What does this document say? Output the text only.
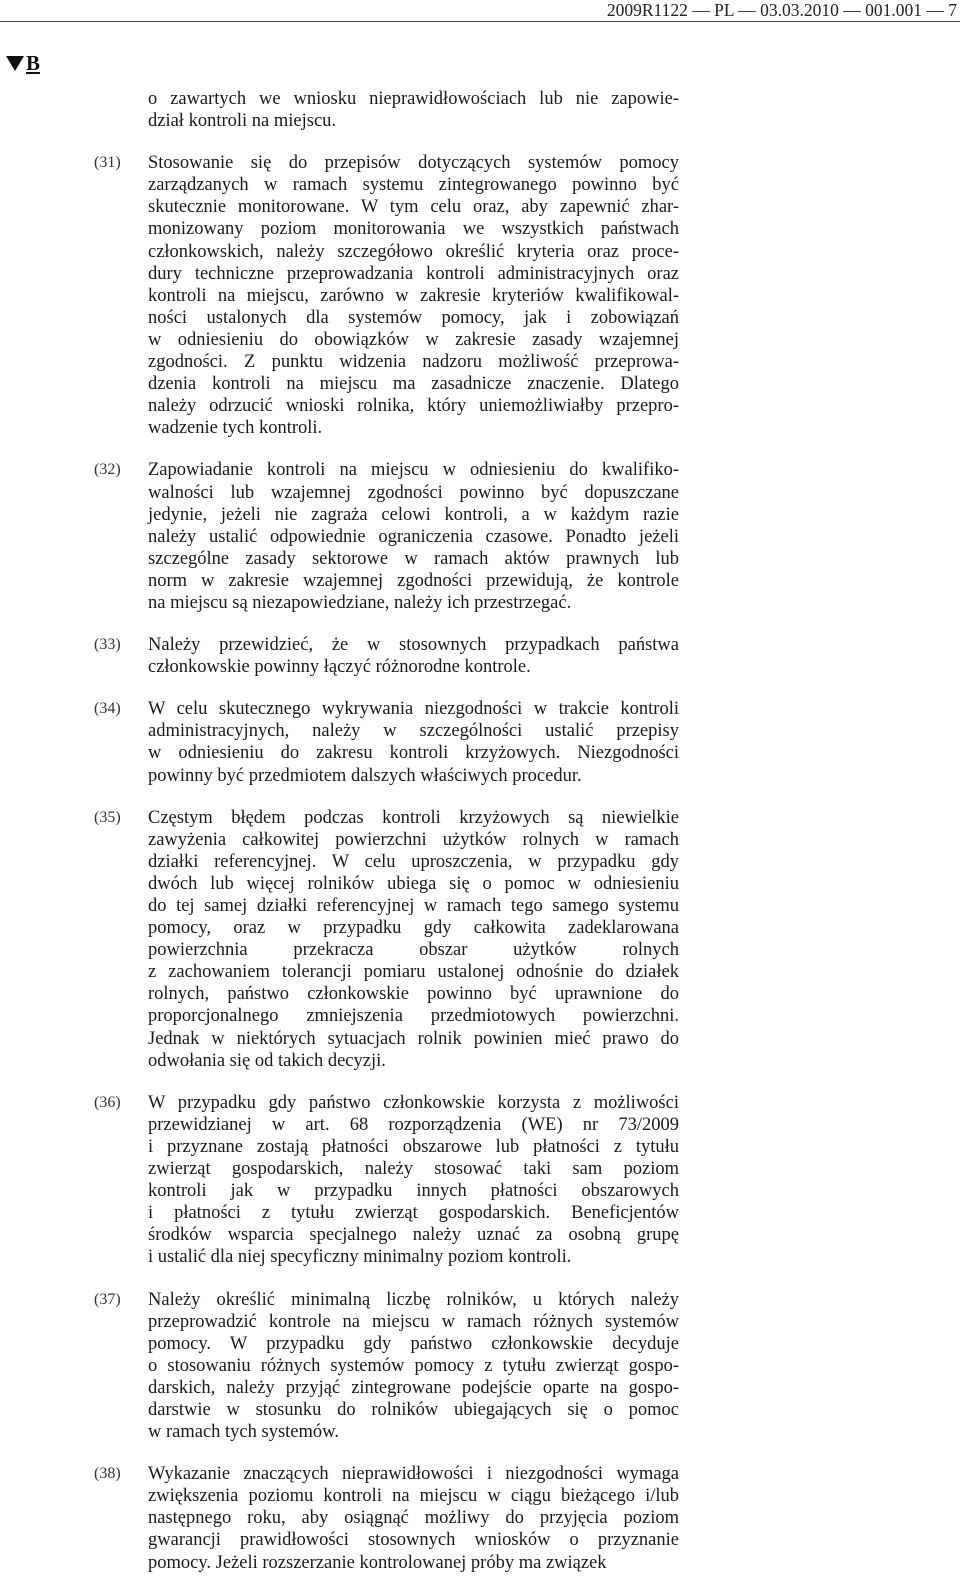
2009R1122 — PL — 03.03.2010 — 001.001 — 7
B
o zawartych we wniosku nieprawidłowościach lub nie zapowie-
dział kontroli na miejscu.
(31) Stosowanie się do przepisów dotyczących systemów pomocy
zarządzanych w ramach systemu zintegrowanego powinno być
skutecznie monitorowane. W tym celu oraz, aby zapewnić zhar-
monizowany poziom monitorowania we wszystkich państwach
członkowskich, należy szczegółowo określić kryteria oraz proce-
dury techniczne przeprowadzania kontroli administracyjnych oraz
kontroli na miejscu, zarówno w zakresie kryteriów kwalifikowal-
ności ustalonych dla systemów pomocy, jak i zobowiązań
w odniesieniu do obowiązków w zakresie zasady wzajemnej
zgodności. Z punktu widzenia nadzoru możliwość przeprowa-
dzenia kontroli na miejscu ma zasadnicze znaczenie. Dlatego
należy odrzucić wnioski rolnika, który uniemożliwiałby przepro-
wadzenie tych kontroli.
(32) Zapowiadanie kontroli na miejscu w odniesieniu do kwalifiko-
walności lub wzajemnej zgodności powinno być dopuszczane
jedynie, jeżeli nie zagraża celowi kontroli, a w każdym razie
należy ustalić odpowiednie ograniczenia czasowe. Ponadto jeżeli
szczególne zasady sektorowe w ramach aktów prawnych lub
norm w zakresie wzajemnej zgodności przewidują, że kontrole
na miejscu są niezapowiedziane, należy ich przestrzegać.
(33) Należy przewidzieć, że w stosownych przypadkach państwa
członkowskie powinny łączyć różnorodne kontrole.
(34) W celu skutecznego wykrywania niezgodności w trakcie kontroli
administracyjnych, należy w szczególności ustalić przepisy
w odniesieniu do zakresu kontroli krzyżowych. Niezgodności
powinny być przedmiotem dalszych właściwych procedur.
(35) Częstym błędem podczas kontroli krzyżowych są niewielkie
zawyżenia całkowitej powierzchni użytków rolnych w ramach
działki referencyjnej. W celu uproszczenia, w przypadku gdy
dwóch lub więcej rolników ubiega się o pomoc w odniesieniu
do tej samej działki referencyjnej w ramach tego samego systemu
pomocy, oraz w przypadku gdy całkowita zadeklarowana
powierzchnia przekracza obszar użytków rolnych
z zachowaniem tolerancji pomiaru ustalonej odnośnie do działek
rolnych, państwo członkowskie powinno być uprawnione do
proporcjonalnego zmniejszenia przedmiotowych powierzchni.
Jednak w niektórych sytuacjach rolnik powinien mieć prawo do
odwołania się od takich decyzji.
(36) W przypadku gdy państwo członkowskie korzysta z możliwości
przewidzianej w art. 68 rozporządzenia (WE) nr 73/2009
i przyznane zostają płatności obszarowe lub płatności z tytułu
zwierząt gospodarskich, należy stosować taki sam poziom
kontroli jak w przypadku innych płatności obszarowych
i płatności z tytułu zwierząt gospodarskich. Beneficjentów
środków wsparcia specjalnego należy uznać za osobną grupę
i ustalić dla niej specyficzny minimalny poziom kontroli.
(37) Należy określić minimalną liczbę rolników, u których należy
przeprowadzić kontrole na miejscu w ramach różnych systemów
pomocy. W przypadku gdy państwo członkowskie decyduje
o stosowaniu różnych systemów pomocy z tytułu zwierząt gospo-
darskich, należy przyjąć zintegrowane podejście oparte na gospo-
darstwie w stosunku do rolników ubiegających się o pomoc
w ramach tych systemów.
(38) Wykazanie znaczących nieprawidłowości i niezgodności wymaga
zwiększenia poziomu kontroli na miejscu w ciągu bieżącego i/lub
następnego roku, aby osiągnąć możliwy do przyjęcia poziom
gwarancji prawidłowości stosownych wniosków o przyznanie
pomocy. Jeżeli rozszerzanie kontrolowanej próby ma związek
